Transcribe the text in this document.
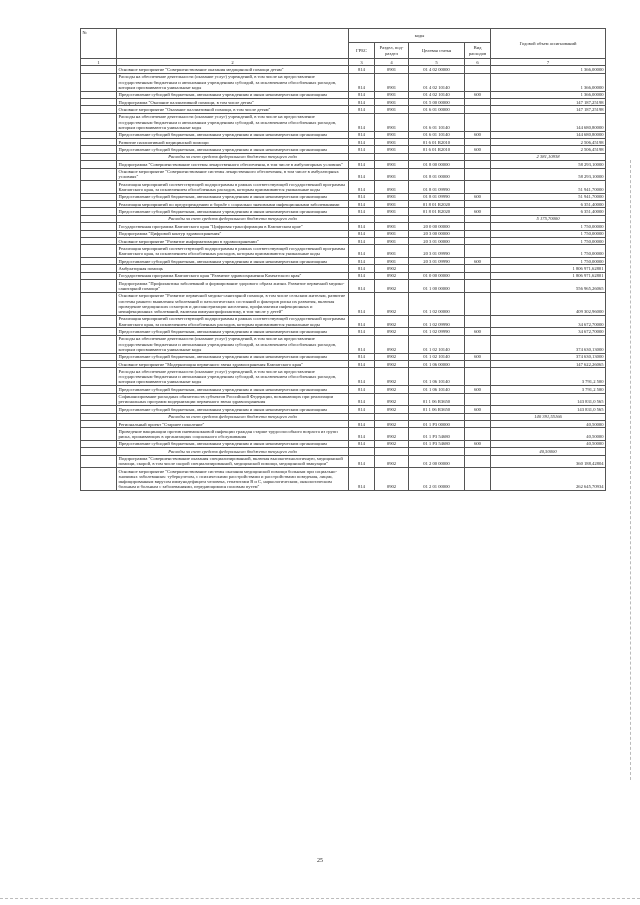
№		коды				Годовой объем ассигнований
		ГРБС	Раздел, под-раздел	Целевая статья	Вид расходов	
1	2	3	4	5	6	7
	Основное мероприятие "Совершенствование оказания медицинской помощи детям"	814	0901	01 4 02 00000		1 366,00000
	Расходы на обеспечение деятельности (оказание услуг) учреждений, в том числе на предоставление государственным бюджетным и автономным учреждениям субсидий, за исключением обособленных расходов, которым присваиваются уникальные коды	814	0901	01 4 02 10140		1 366,00000
	Предоставление субсидий бюджетным, автономным учреждениям и иным некоммерческим организациям	814	0901	01 4 02 10140	600	1 366,00000
	Подпрограмма "Оказание паллиативной помощи, в том числе детям"	814	0901	01 5 00 00000		147 187,25198
	Основное мероприятие "Оказание паллиативной помощи, в том числе детям"	814	0901	01 6 01 00000		147 187,25198
	Расходы на обеспечение деятельности (оказание услуг) учреждений, в том числе на предоставление государственным бюджетным и автономным учреждениям субсидий, за исключением обособленных расходов, которым присваиваются уникальные коды	814	0901	01 6 01 10140		144 680,80000
	Предоставление субсидий бюджетным, автономным учреждениям и иным некоммерческим организациям	814	0901	01 6 01 10140	600	144 680,80000
	Развитие паллиативной медицинской помощи	814	0901	01 6 01 R2010		2 506,45198
	Предоставление субсидий бюджетным, автономным учреждениям и иным некоммерческим организациям	814	0901	01 6 01 R2010	600	2 506,45198
	Расходы за счет средств федерального бюджета текущего года					2 381,10938
	Подпрограмма "Совершенствование системы лекарственного обеспечения, в том числе в амбулаторных условиях"	814	0901	01 8 00 00000		58 293,10000
	Основное мероприятие "Совершенствование системы лекарственного обеспечения, в том числе в амбулаторных условиях"	814	0901	01 8 01 00000		58 293,10000
	Реализация мероприятий соответствующей подпрограммы в рамках соответствующей государственной программы Камчатского края, за исключением обособленных расходов, которым присваиваются уникальные коды	814	0901	01 8 01 09990		51 941,70000
	Предоставление субсидий бюджетным, автономным учреждениям и иным некоммерческим организациям	814	0901	01 8 01 09990	600	51 941,70000
	Реализация мероприятий по предупреждению и борьбе с социально значимыми инфекционными заболеваниями	814	0901	01 8 01 R2020		6 351,40000
	Предоставление субсидий бюджетным, автономным учреждениям и иным некоммерческим организациям	814	0901	01 8 01 R2020	600	6 351,40000
	Расходы за счет средств федерального бюджета текущего года					5 175,70000
	Государственная программа Камчатского края "Цифровая трансформация в Камчатском крае"	814	0901	20 0 00 00000		1 750,00000
	Подпрограмма "Цифровой контур здравоохранения"	814	0901	20 3 00 00000		1 750,00000
	Основное мероприятие "Развитие информатизации в здравоохранении"	814	0901	20 3 01 00000		1 750,00000
	Реализация мероприятий соответствующей подпрограммы в рамках соответствующей государственной программы Камчатского края, за исключением обособленных расходов, которым присваиваются уникальные коды	814	0901	20 3 01 09990		1 750,00000
	Предоставление субсидий бюджетным, автономным учреждениям и иным некоммерческим организациям	814	0901	20 3 01 09990	600	1 750,00000
	Амбулаторная помощь	814	0902			1 806 971,62801
	Государственная программа Камчатского края "Развитие здравоохранения Камчатского края"	814	0902	01 0 00 00000		1 806 971,62801
	Подпрограмма "Профилактика заболеваний и формирование здорового образа жизни. Развитие первичной медико-санитарной помощи"	814	0902	01 1 00 00000		556 965,26065
	Основное мероприятие "Развитие первичной медико-санитарной помощи, в том числе сельским жителям, развитие системы раннего выявления заболеваний и патологических состояний и факторов риска их развития, включая проведение медицинских осмотров и диспансеризации населения, профилактики инфекционных и неинфекционных заболеваний, включая иммунопрофилактику, в том числе у детей"	814	0902	01 1 02 00000		409 302,96000
	Реализация мероприятий соответствующей подпрограммы в рамках соответствующей государственной программы Камчатского края, за исключением обособленных расходов, которым присваиваются уникальные коды	814	0902	01 1 02 09990		34 672,70000
	Предоставление субсидий бюджетным, автономным учреждениям и иным некоммерческим организациям	814	0902	01 1 02 09990	600	34 672,70000
	Расходы на обеспечение деятельности (оказание услуг) учреждений, в том числе на предоставление государственным бюджетным и автономным учреждениям субсидий, за исключением обособленных расходов, которым присваиваются уникальные коды	814	0902	01 1 02 10140		374 630,13000
	Предоставление субсидий бюджетным, автономным учреждениям и иным некоммерческим организациям	814	0902	01 1 02 10140	600	374 630,13000
	Основное мероприятие "Модернизация первичного звена здравоохранения Камчатского края"	814	0902	01 1 06 00000		147 622,26065
	Расходы на обеспечение деятельности (оказание услуг) учреждений, в том числе на предоставление государственным бюджетным и автономным учреждениям субсидий, за исключением обособленных расходов, которым присваиваются уникальные коды	814	0902	01 1 06 10140		3 791,2 500
	Предоставление субсидий бюджетным, автономным учреждениям и иным некоммерческим организациям	814	0902	01 1 06 10140	600	3 791,2 500
	Софинансирование расходных обязательств субъектов Российской Федерации, возникающих при реализации региональных программ модернизации первичного звена здравоохранения	814	0902	01 1 06 R3650		143 831,0 565
	Предоставление субсидий бюджетным, автономным учреждениям и иным некоммерческим организациям	814	0902	01 1 06 R3650	600	143 831,0 565
	Расходы за счет средств федерального бюджета текущего года					140 391,55166
	Региональный проект "Старшее поколение"	814	0902	01 1 P3 00000		40,50000
	Проведение вакцинации против пневмококковой инфекции граждан старше трудоспособного возраста из групп риска, проживающих в организациях социального обслуживания	814	0902	01 1 P3 54680		40,50000
	Предоставление субсидий бюджетным, автономным учреждениям и иным некоммерческим организациям	814	0902	01 1 P3 54680	600	40,50000
	Расходы за счет средств федерального бюджета текущего года					40,50000
	Подпрограмма "Совершенствование оказания специализированной, включая высокотехнологичную, медицинской помощи, скорой, в том числе скорой специализированной, медицинской помощи, медицинской эвакуации"	814	0902	01 2 00 00000		360 188,42804
	Основное мероприятие "Совершенствование системы оказания медицинской помощи больным при социально-значимых заболеваниях: туберкулезом, с психическими расстройствами и расстройствами поведения, лицам, инфицированным вирусом иммунодефицита человека, гепатитами B и C, наркологическим, онкологическим больным и больным с заболеваниями, передающимися половым путем"	814	0902	01 2 01 00000		262 645,70934
25
